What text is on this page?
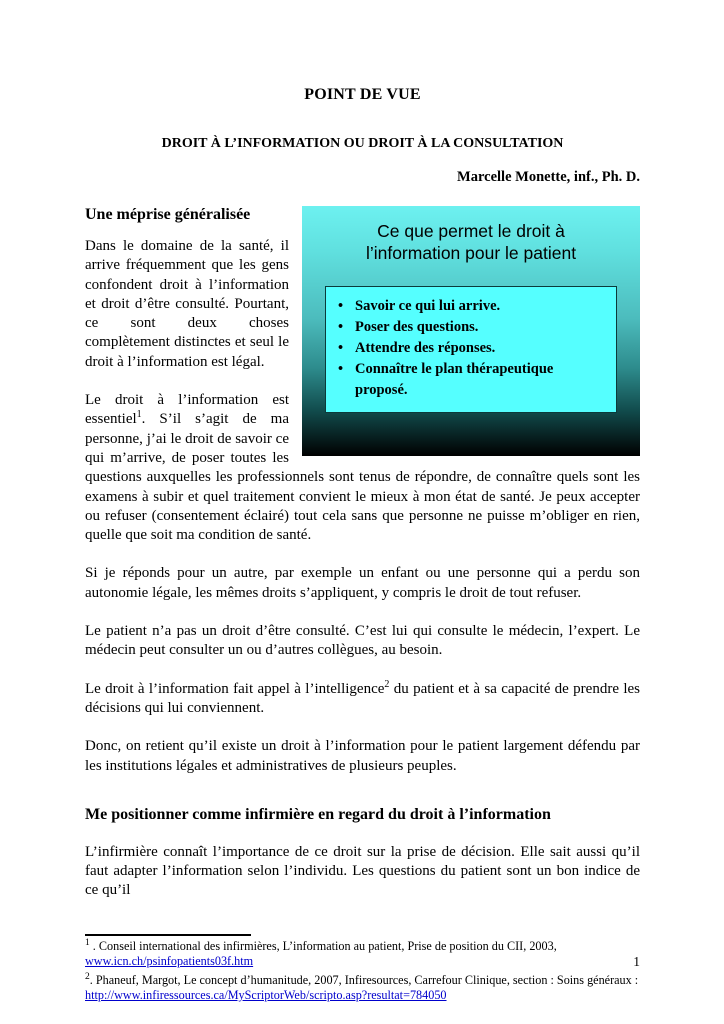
POINT DE VUE
DROIT À L’INFORMATION OU DROIT À LA CONSULTATION
Marcelle Monette, inf., Ph. D.
Ce que permet le droit à l’information pour le patient
• Savoir ce qui lui arrive.
• Poser des questions.
• Attendre des réponses.
• Connaître le plan thérapeutique proposé.
Une méprise généralisée

Dans le domaine de la santé, il arrive fréquemment que les gens confondent droit à l’information et droit d’être consulté. Pourtant, ce sont deux choses complètement distinctes et seul le droit à l’information est légal.

Le droit à l’information est essentiel$^1$. S’il s’agit de ma personne, j’ai le droit de savoir ce qui m’arrive, de poser toutes les questions auxquelles les professionnels sont tenus de répondre, de connaître quels sont les examens à subir et quel traitement convient le mieux à mon état de santé. Je peux accepter ou refuser (consentement éclairé) tout cela sans que personne ne puisse m’obliger en rien, quelle que soit ma condition de santé.

Si je réponds pour un autre, par exemple un enfant ou une personne qui a perdu son autonomie légale, les mêmes droits s’appliquent, y compris le droit de tout refuser.

Le patient n’a pas un droit d’être consulté. C’est lui qui consulte le médecin, l’expert. Le médecin peut consulter un ou d’autres collègues, au besoin.

Le droit à l’information fait appel à l’intelligence$^2$ du patient et à sa capacité de prendre les décisions qui lui conviennent.

Donc, on retient qu’il existe un droit à l’information pour le patient largement défendu par les institutions légales et administratives de plusieurs peuples.

Me positionner comme infirmière en regard du droit à l’information

L’infirmière connaît l’importance de ce droit sur la prise de décision. Elle sait aussi qu’il faut adapter l’information selon l’individu. Les questions du patient sont un bon indice de ce qu’il

$^1$ . Conseil international des infirmières, L’information au patient, Prise de position du CII, 2003,
www.icn.ch/psinfopatients03f.htm
$^2$. Phaneuf, Margot, Le concept d’humanitude, 2007, Infiresources, Carrefour Clinique, section : Soins généraux :
http://www.infiressources.ca/MyScriptorWeb/scripto.asp?resultat=784050
1
